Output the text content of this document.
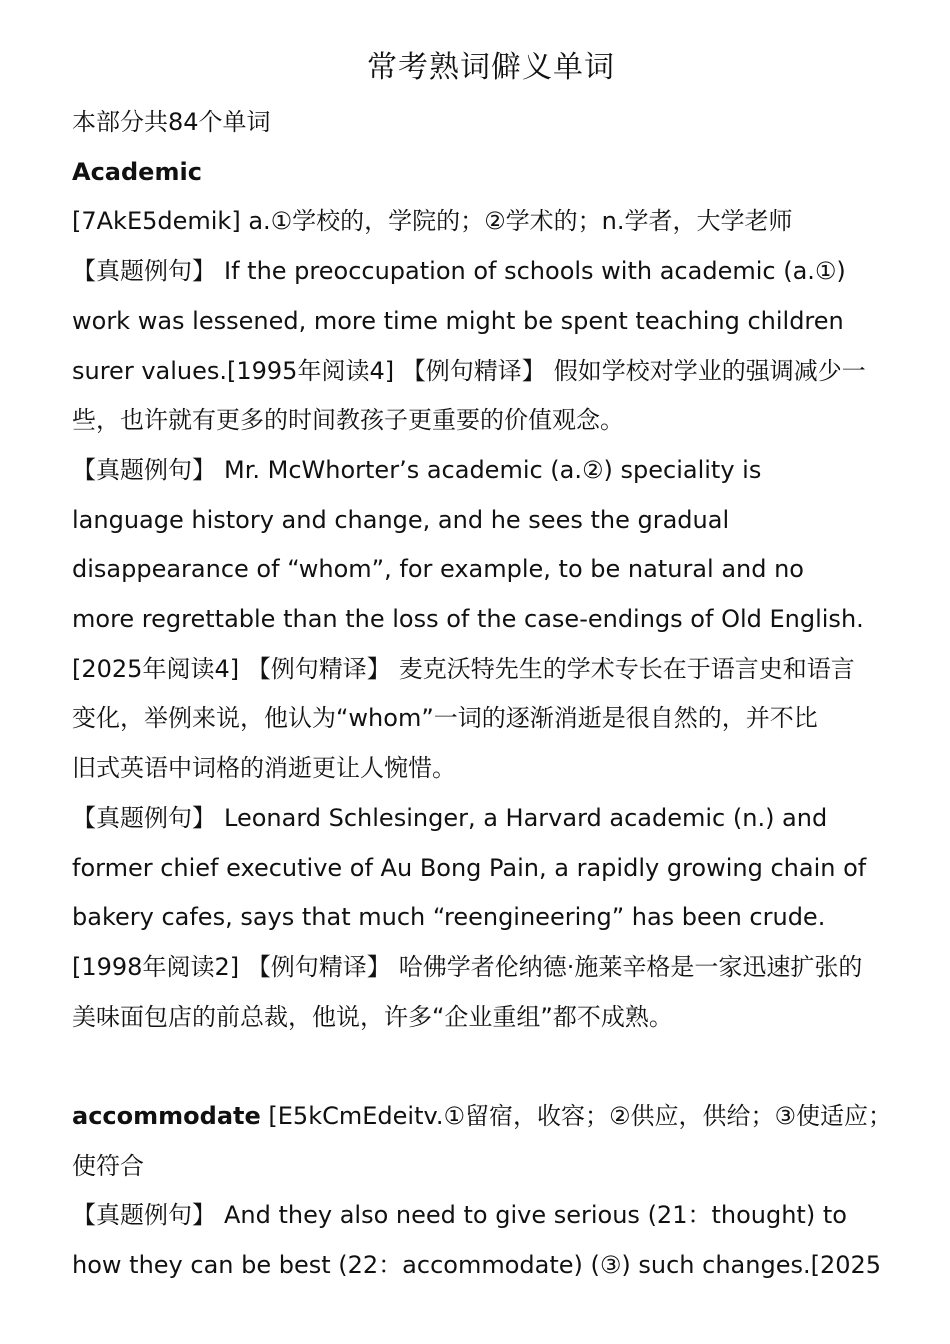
常考熟词僻义单词
本部分共84个单词
Academic
[7AkE5demik] a.①学校的，学院的；②学术的；n.学者，大学老师
【真题例句】 If the preoccupation of schools with academic (a.①)
work was lessened, more time might be spent teaching children
surer values.[1995年阅读4] 【例句精译】 假如学校对学业的强调减少一
些，也许就有更多的时间教孩子更重要的价值观念。
【真题例句】 Mr. McWhorter’s academic (a.②) speciality is
language history and change, and he sees the gradual
disappearance of “whom”, for example, to be natural and no
more regrettable than the loss of the case-endings of Old English.
[2025年阅读4] 【例句精译】 麦克沃特先生的学术专长在于语言史和语言
变化，举例来说，他认为“whom”一词的逐渐消逝是很自然的，并不比
旧式英语中词格的消逝更让人惋惜。
【真题例句】 Leonard Schlesinger, a Harvard academic (n.) and
former chief executive of Au Bong Pain, a rapidly growing chain of
bakery cafes, says that much “reengineering” has been crude.
[1998年阅读2] 【例句精译】 哈佛学者伦纳德·施莱辛格是一家迅速扩张的
美味面包店的前总裁，他说，许多“企业重组”都不成熟。
accommodate [E5kCmEdeitv.①留宿，收容；②供应，供给；③使适应；
使符合
【真题例句】 And they also need to give serious (21：thought) to
how they can be best (22：accommodate) (③) such changes.[2025
